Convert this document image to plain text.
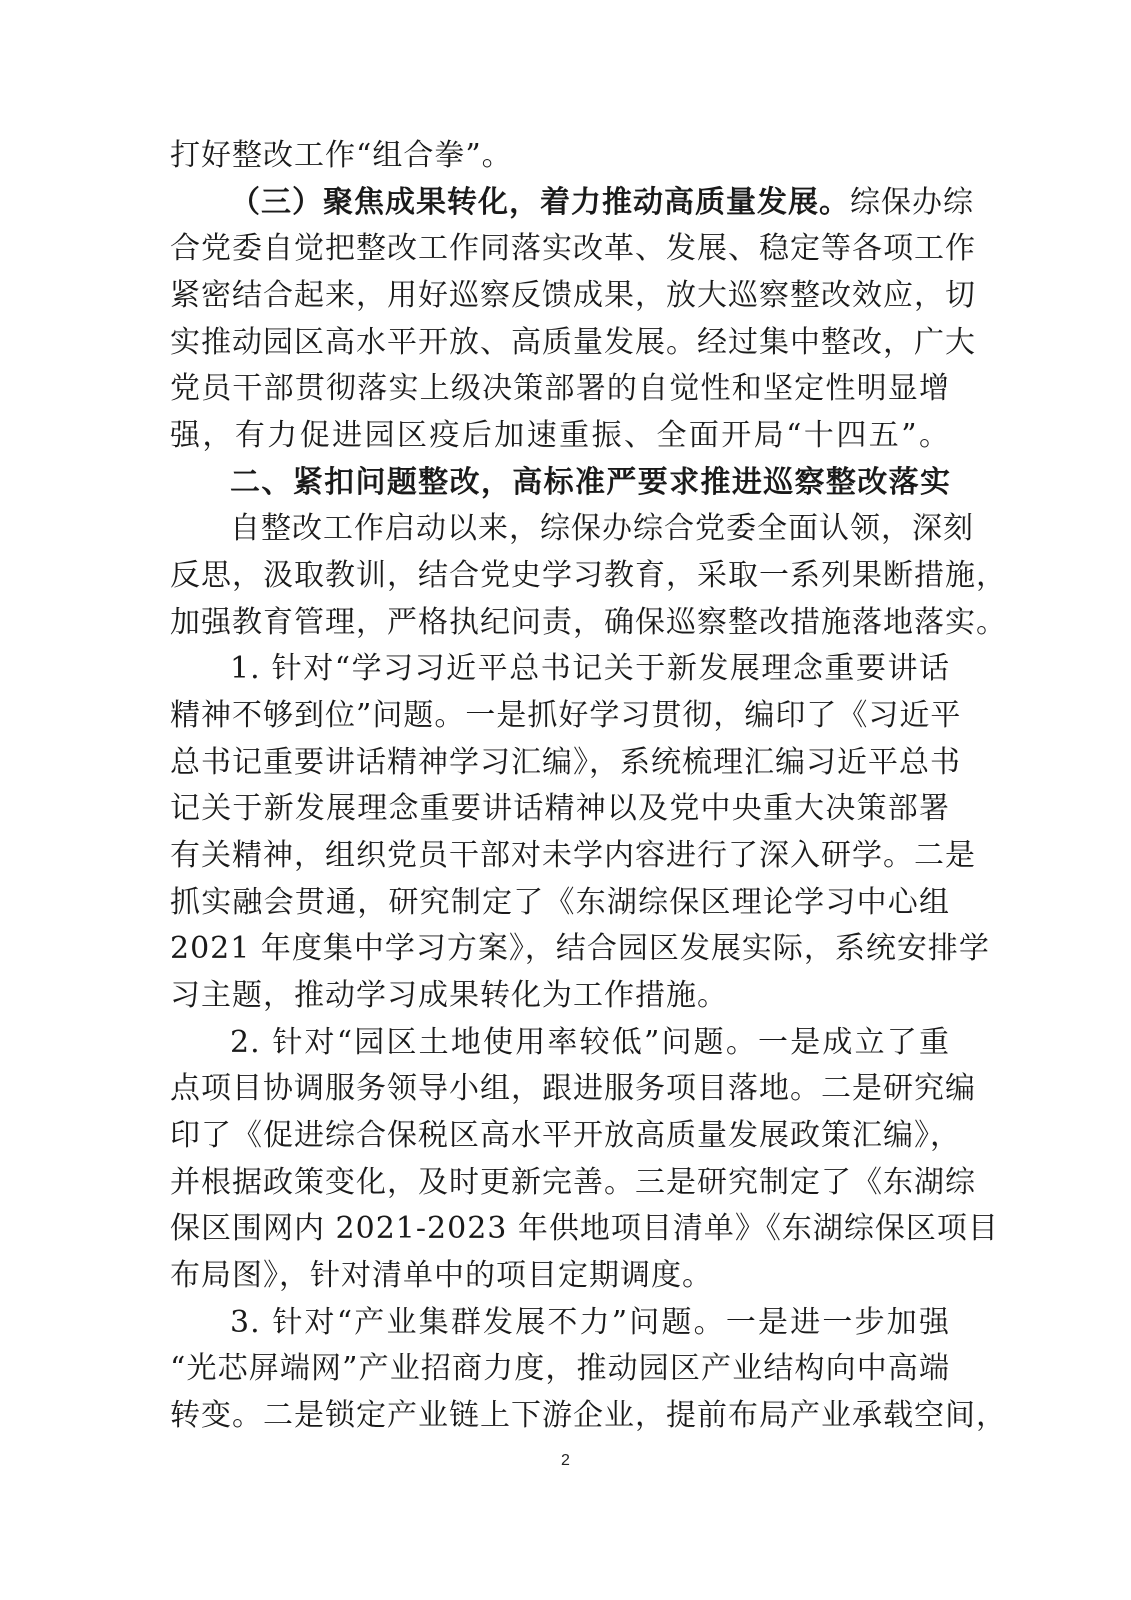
打好整改工作“组合拳”。
（三）聚焦成果转化，着力推动高质量发展。综保办综
合党委自觉把整改工作同落实改革、发展、稳定等各项工作
紧密结合起来，用好巡察反馈成果，放大巡察整改效应，切
实推动园区高水平开放、高质量发展。经过集中整改，广大
党员干部贯彻落实上级决策部署的自觉性和坚定性明显增
强，有力促进园区疫后加速重振、全面开局“十四五”。
二、紧扣问题整改，高标准严要求推进巡察整改落实
自整改工作启动以来，综保办综合党委全面认领，深刻
反思，汲取教训，结合党史学习教育，采取一系列果断措施，
加强教育管理，严格执纪问责，确保巡察整改措施落地落实。
1. 针对“学习习近平总书记关于新发展理念重要讲话
精神不够到位”问题。一是抓好学习贯彻，编印了《习近平
总书记重要讲话精神学习汇编》，系统梳理汇编习近平总书
记关于新发展理念重要讲话精神以及党中央重大决策部署
有关精神，组织党员干部对未学内容进行了深入研学。二是
抓实融会贯通，研究制定了《东湖综保区理论学习中心组
2021 年度集中学习方案》，结合园区发展实际，系统安排学
习主题，推动学习成果转化为工作措施。
2. 针对“园区土地使用率较低”问题。一是成立了重
点项目协调服务领导小组，跟进服务项目落地。二是研究编
印了《促进综合保税区高水平开放高质量发展政策汇编》，
并根据政策变化，及时更新完善。三是研究制定了《东湖综
保区围网内 2021-2023 年供地项目清单》《东湖综保区项目
布局图》，针对清单中的项目定期调度。
3. 针对“产业集群发展不力”问题。一是进一步加强
“光芯屏端网”产业招商力度，推动园区产业结构向中高端
转变。二是锁定产业链上下游企业，提前布局产业承载空间，
2
